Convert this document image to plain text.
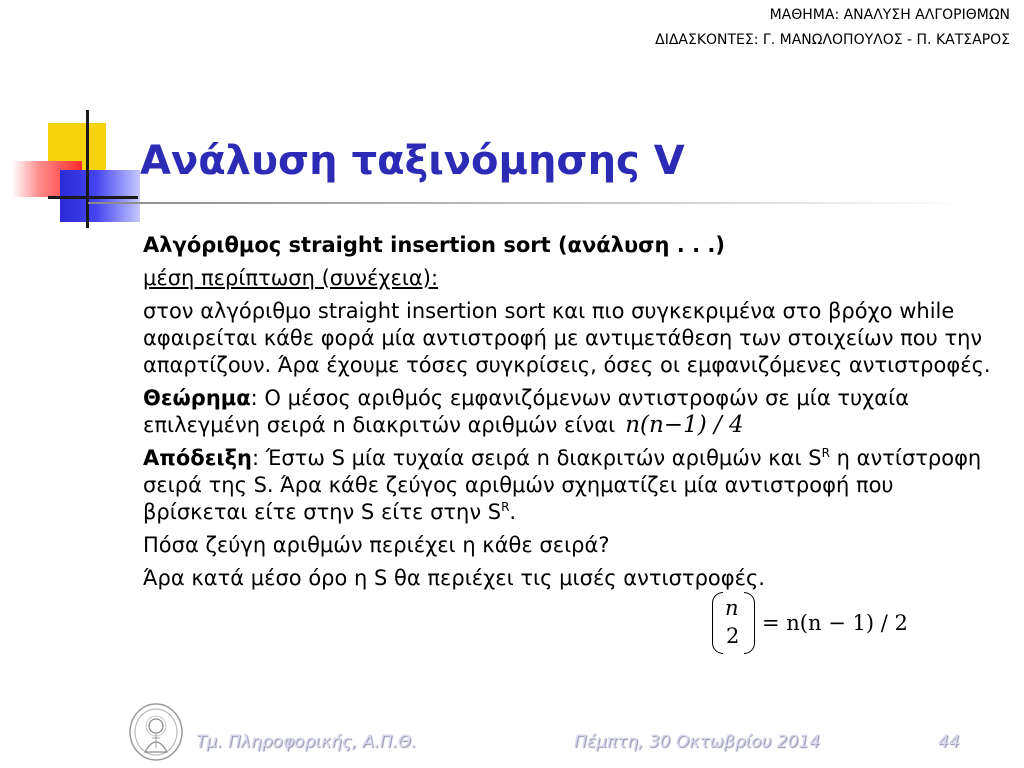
ΜΑΘΗΜΑ: ΑΝΑΛΥΣΗ ΑΛΓΟΡΙΘΜΩΝ
ΔΙΔΑΣΚΟΝΤΕΣ: Γ. ΜΑΝΩΛΟΠΟΥΛΟΣ - Π. ΚΑΤΣΑΡΟΣ
Ανάλυση ταξινόμησης V

Αλγόριθμος straight insertion sort (ανάλυση . . .)

μέση περίπτωση (συνέχεια):

στον αλγόριθμο straight insertion sort και πιο συγκεκριμένα στο βρόχο while αφαιρείται κάθε φορά μία αντιστροφή με αντιμετάθεση των στοιχείων που την απαρτίζουν. Άρα έχουμε τόσες συγκρίσεις, όσες οι εμφανιζόμενες αντιστροφές.

Θεώρημα: Ο μέσος αριθμός εμφανιζόμενων αντιστροφών σε μία τυχαία επιλεγμένη σειρά n διακριτών αριθμών είναι n(n−1) / 4

Απόδειξη: Έστω S μία τυχαία σειρά n διακριτών αριθμών και $S^R$ η αντίστροφη σειρά της S. Άρα κάθε ζεύγος αριθμών σχηματίζει μία αντιστροφή που βρίσκεται είτε στην S είτε στην $S^R$.

Πόσα ζεύγη αριθμών περιέχει η κάθε σειρά?

Άρα κατά μέσο όρο η S θα περιέχει τις μισές αντιστροφές.

n
2
= n(n − 1) / 2
Τμ. Πληροφορικής, Α.Π.Θ.	Πέμπτη, 30 Οκτωβρίου 2014	44
